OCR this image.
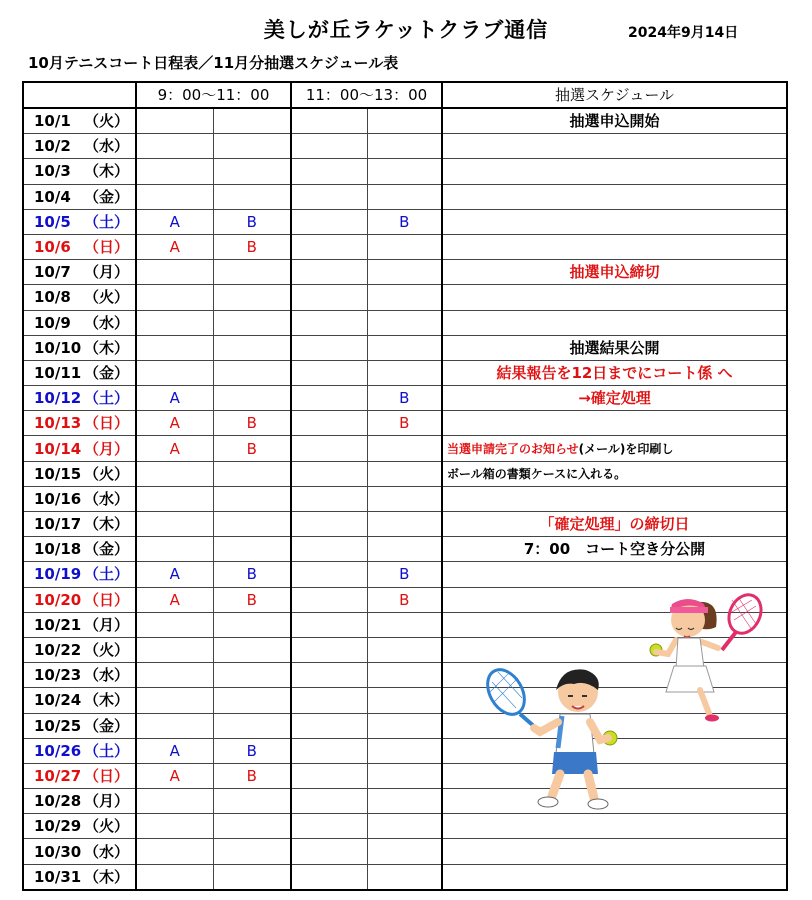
美しが丘ラケットクラブ通信	2024年9月14日
10月テニスコート日程表／11月分抽選スケジュール表
	9：00〜11：00		11：00〜13：00		抽選スケジュール
10/1 （火）					抽選申込開始
10/2 （水）					
10/3 （木）					
10/4 （金）					
10/5 （土）	A	B		B	
10/6 （日）	A	B			
10/7 （月）					抽選申込締切
10/8 （火）					
10/9 （水）					
10/10 （木）					抽選結果公開
10/11 （金）					結果報告を12日までにコート係 へ
10/12 （土）	A			B	→確定処理
10/13 （日）	A	B		B	
10/14 （月）	A	B			当選申請完了のお知らせ(メール)を印刷し
10/15 （火）					ボール箱の書類ケースに入れる。
10/16 （水）					
10/17 （木）					「確定処理」の締切日
10/18 （金）					7：00　コート空き分公開
10/19 （土）	A	B		B	
10/20 （日）	A	B		B	
10/21 （月）					
10/22 （火）					
10/23 （水）					
10/24 （木）					
10/25 （金）					
10/26 （土）	A	B			
10/27 （日）	A	B			
10/28 （月）					
10/29 （火）					
10/30 （水）					
10/31 （木）					
